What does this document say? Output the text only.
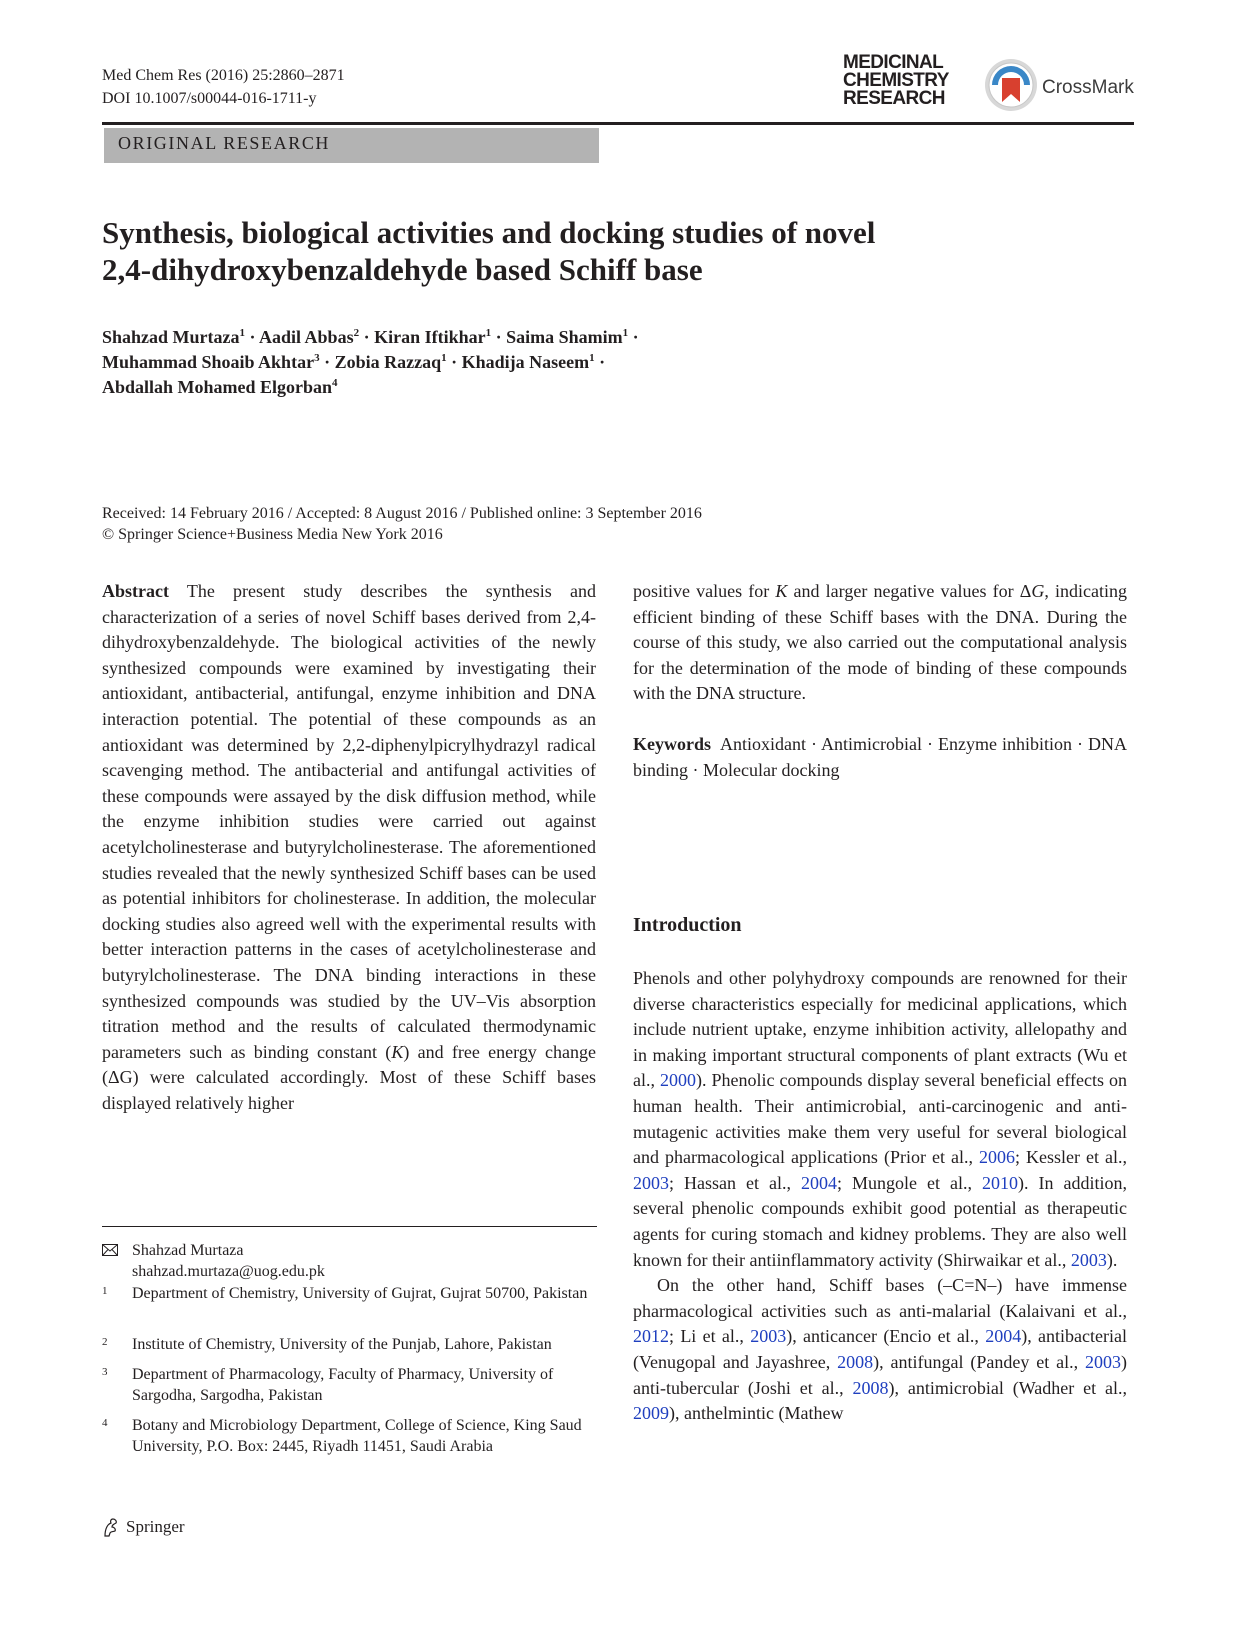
Med Chem Res (2016) 25:2860–2871
DOI 10.1007/s00044-016-1711-y
MEDICINAL
CHEMISTRY
RESEARCH
CrossMark
ORIGINAL RESEARCH
Synthesis, biological activities and docking studies of novel
2,4-dihydroxybenzaldehyde based Schiff base
Shahzad Murtaza$^1$ · Aadil Abbas$^2$ · Kiran Iftikhar$^1$ · Saima Shamim$^1$ ·
Muhammad Shoaib Akhtar$^3$ · Zobia Razzaq$^1$ · Khadija Naseem$^1$ ·
Abdallah Mohamed Elgorban$^4$
Received: 14 February 2016 / Accepted: 8 August 2016 / Published online: 3 September 2016
© Springer Science+Business Media New York 2016

Abstract The present study describes the synthesis and characterization of a series of novel Schiff bases derived from 2,4-dihydroxybenzaldehyde. The biological activities of the newly synthesized compounds were examined by investigating their antioxidant, antibacterial, antifungal, enzyme inhibition and DNA interaction potential. The potential of these compounds as an antioxidant was determined by 2,2-diphenylpicrylhydrazyl radical scavenging method. The antibacterial and antifungal activities of these compounds were assayed by the disk diffusion method, while the enzyme inhibition studies were carried out against acetylcholinesterase and butyrylcholinesterase. The aforementioned studies revealed that the newly synthesized Schiff bases can be used as potential inhibitors for cholinesterase. In addition, the molecular docking studies also agreed well with the experimental results with better interaction patterns in the cases of acetylcholinesterase and butyrylcholinesterase. The DNA binding interactions in these synthesized compounds was studied by the UV–Vis absorption titration method and the results of calculated thermodynamic parameters such as binding constant (K) and free energy change (ΔG) were calculated accordingly. Most of these Schiff bases displayed relatively higher

positive values for K and larger negative values for ΔG, indicating efficient binding of these Schiff bases with the DNA. During the course of this study, we also carried out the computational analysis for the determination of the mode of binding of these compounds with the DNA structure.

Keywords Antioxidant · Antimicrobial · Enzyme inhibition · DNA binding · Molecular docking

Introduction

Phenols and other polyhydroxy compounds are renowned for their diverse characteristics especially for medicinal applications, which include nutrient uptake, enzyme inhibition activity, allelopathy and in making important structural components of plant extracts (Wu et al., 2000). Phenolic compounds display several beneficial effects on human health. Their antimicrobial, anti-carcinogenic and anti-mutagenic activities make them very useful for several biological and pharmacological applications (Prior et al., 2006; Kessler et al., 2003; Hassan et al., 2004; Mungole et al., 2010). In addition, several phenolic compounds exhibit good potential as therapeutic agents for curing stomach and kidney problems. They are also well known for their antiinflammatory activity (Shirwaikar et al., 2003).

On the other hand, Schiff bases (–C=N–) have immense pharmacological activities such as anti-malarial (Kalaivani et al., 2012; Li et al., 2003), anticancer (Encio et al., 2004), antibacterial (Venugopal and Jayashree, 2008), antifungal (Pandey et al., 2003) anti-tubercular (Joshi et al., 2008), antimicrobial (Wadher et al., 2009), anthelmintic (Mathew

Shahzad Murtaza
shahzad.murtaza@uog.edu.pk
1 Department of Chemistry, University of Gujrat, Gujrat 50700, Pakistan
2 Institute of Chemistry, University of the Punjab, Lahore, Pakistan
3 Department of Pharmacology, Faculty of Pharmacy, University of Sargodha, Sargodha, Pakistan
4 Botany and Microbiology Department, College of Science, King Saud University, P.O. Box: 2445, Riyadh 11451, Saudi Arabia
Springer
